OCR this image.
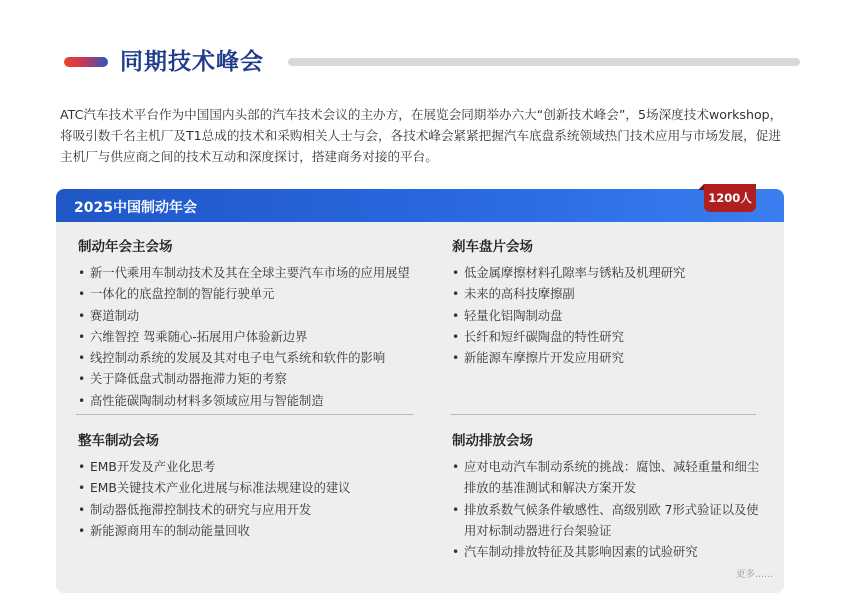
同期技术峰会

ATC汽车技术平台作为中国国内头部的汽车技术会议的主办方，在展览会同期举办六大“创新技术峰会”，5场深度技术workshop，将吸引数千名主机厂及T1总成的技术和采购相关人士与会，各技术峰会紧紧把握汽车底盘系统领域热门技术应用与市场发展，促进主机厂与供应商之间的技术互动和深度探讨，搭建商务对接的平台。

2025中国制动年会
制动年会主会场
• 新一代乘用车制动技术及其在全球主要汽车市场的应用展望
• 一体化的底盘控制的智能行驶单元
• 赛道制动
• 六维智控 驾乘随心-拓展用户体验新边界
• 线控制动系统的发展及其对电子电气系统和软件的影响
• 关于降低盘式制动器拖滞力矩的考察
• 高性能碳陶制动材料多领域应用与智能制造
刹车盘片会场
• 低金属摩擦材料孔隙率与锈粘及机理研究
• 未来的高科技摩擦副
• 轻量化铝陶制动盘
• 长纤和短纤碳陶盘的特性研究
• 新能源车摩擦片开发应用研究
整车制动会场
• EMB开发及产业化思考
• EMB关键技术产业化进展与标准法规建设的建议
• 制动器低拖滞控制技术的研究与应用开发
• 新能源商用车的制动能量回收
制动排放会场
• 应对电动汽车制动系统的挑战：腐蚀、减轻重量和细尘排放的基准测试和解决方案开发
• 排放系数气候条件敏感性、高级别欧 7形式验证以及使用对标制动器进行台架验证
• 汽车制动排放特征及其影响因素的试验研究
更多......
1200人
